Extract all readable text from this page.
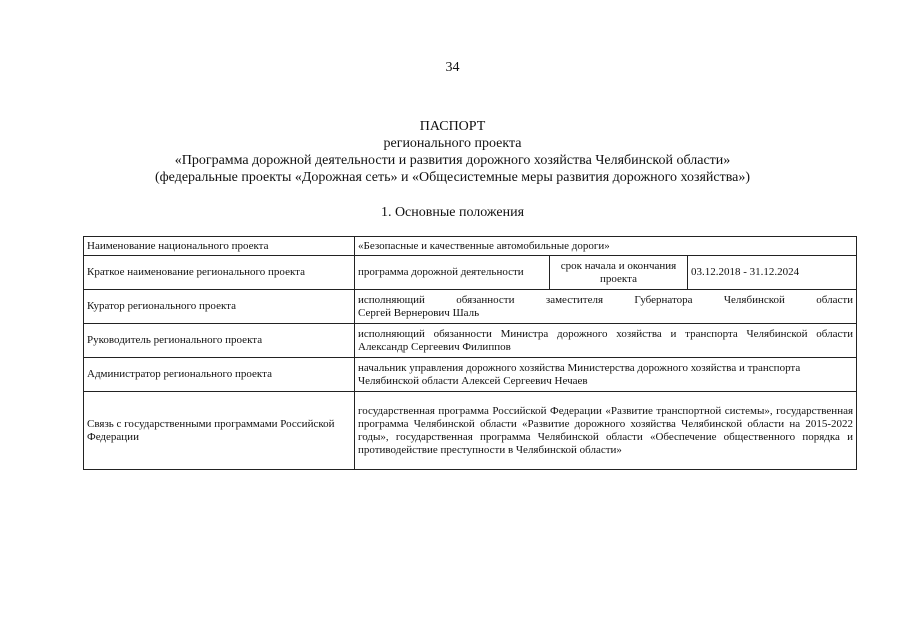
34
ПАСПОРТ
регионального проекта
«Программа дорожной деятельности и развития дорожного хозяйства Челябинской области»
(федеральные проекты «Дорожная сеть» и «Общесистемные меры развития дорожного хозяйства»)
1. Основные положения
Наименование национального проекта	«Безопасные и качественные автомобильные дороги»		
Краткое наименование регионального проекта	программа дорожной деятельности	срок начала и окончания проекта	03.12.2018 - 31.12.2024
Куратор регионального проекта	исполняющий обязанности заместителя Губернатора Челябинской области
Сергей Вернерович Шаль		

Руководитель регионального проекта	исполняющий обязанности Министра дорожного хозяйства и транспорта Челябинской области Александр Сергеевич Филиппов		
Администратор регионального проекта	начальник управления дорожного хозяйства Министерства дорожного хозяйства и транспорта Челябинской области Алексей Сергеевич Нечаев		
Связь с государственными программами Российской Федерации	государственная программа Российской Федерации «Развитие транспортной системы», государственная программа Челябинской области «Развитие дорожного хозяйства Челябинской области на 2015-2022 годы», государственная программа Челябинской области «Обеспечение общественного порядка и противодействие преступности в Челябинской области»		
